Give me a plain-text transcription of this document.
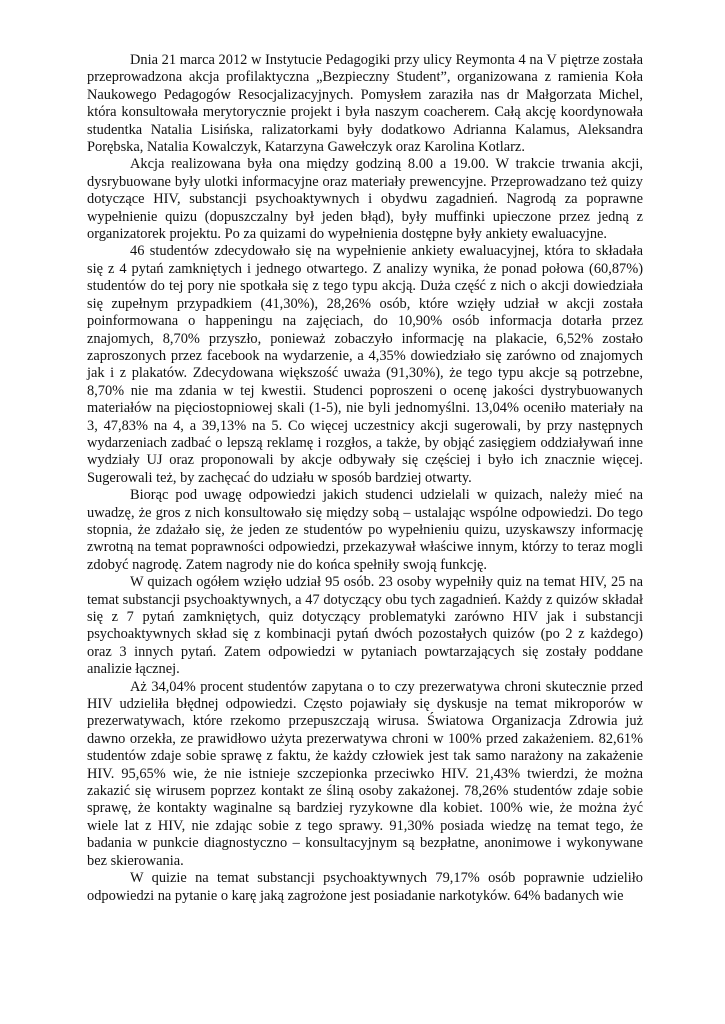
Dnia 21 marca 2012 w Instytucie Pedagogiki przy ulicy Reymonta 4 na V piętrze została przeprowadzona akcja profilaktyczna „Bezpieczny Student”, organizowana z ramienia Koła Naukowego Pedagogów Resocjalizacyjnych. Pomysłem zaraziła nas dr Małgorzata Michel, która konsultowała merytorycznie projekt i była naszym coacherem. Całą akcję koordynowała studentka Natalia Lisińska, ralizatorkami były dodatkowo Adrianna Kalamus, Aleksandra Porębska, Natalia Kowalczyk, Katarzyna Gawełczyk oraz Karolina Kotlarz.

Akcja realizowana była ona między godziną 8.00 a 19.00. W trakcie trwania akcji, dysrybuowane były ulotki informacyjne oraz materiały prewencyjne. Przeprowadzano też quizy dotyczące HIV, substancji psychoaktywnych i obydwu zagadnień. Nagrodą za poprawne wypełnienie quizu (dopuszczalny był jeden błąd), były muffinki upieczone przez jedną z organizatorek projektu. Po za quizami do wypełnienia dostępne były ankiety ewaluacyjne.

46 studentów zdecydowało się na wypełnienie ankiety ewaluacyjnej, która to składała się z 4 pytań zamkniętych i jednego otwartego. Z analizy wynika, że ponad połowa (60,87%) studentów do tej pory nie spotkała się z tego typu akcją. Duża część z nich o akcji dowiedziała się zupełnym przypadkiem (41,30%), 28,26% osób, które wzięły udział w akcji została poinformowana o happeningu na zajęciach, do 10,90% osób informacja dotarła przez znajomych, 8,70% przyszło, ponieważ zobaczyło informację na plakacie, 6,52% zostało zaproszonych przez facebook na wydarzenie, a 4,35% dowiedziało się zarówno od znajomych jak i z plakatów. Zdecydowana większość uważa (91,30%), że tego typu akcje są potrzebne, 8,70% nie ma zdania w tej kwestii. Studenci poproszeni o ocenę jakości dystrybuowanych materiałów na pięciostopniowej skali (1-5), nie byli jednomyślni. 13,04% oceniło materiały na 3, 47,83% na 4, a 39,13% na 5. Co więcej uczestnicy akcji sugerowali, by przy następnych wydarzeniach zadbać o lepszą reklamę i rozgłos, a także, by objąć zasięgiem oddziaływań inne wydziały UJ oraz proponowali by akcje odbywały się częściej i było ich znacznie więcej. Sugerowali też, by zachęcać do udziału w sposób bardziej otwarty.

Biorąc pod uwagę odpowiedzi jakich studenci udzielali w quizach, należy mieć na uwadzę, że gros z nich konsultowało się między sobą – ustalając wspólne odpowiedzi. Do tego stopnia, że zdażało się, że jeden ze studentów po wypełnieniu quizu, uzyskawszy informację zwrotną na temat poprawności odpowiedzi, przekazywał właściwe innym, którzy to teraz mogli zdobyć nagrodę. Zatem nagrody nie do końca spełniły swoją funkcję.

W quizach ogółem wzięło udział 95 osób. 23 osoby wypełniły quiz na temat HIV, 25 na temat substancji psychoaktywnych, a 47 dotyczący obu tych zagadnień. Każdy z quizów składał się z 7 pytań zamkniętych, quiz dotyczący problematyki zarówno HIV jak i substancji psychoaktywnych skład się z kombinacji pytań dwóch pozostałych quizów (po 2 z każdego) oraz 3 innych pytań. Zatem odpowiedzi w pytaniach powtarzających się zostały poddane analizie łącznej.

Aż 34,04% procent studentów zapytana o to czy prezerwatywa chroni skutecznie przed HIV udzieliła błędnej odpowiedzi. Często pojawiały się dyskusje na temat mikroporów w prezerwatywach, które rzekomo przepuszczają wirusa. Światowa Organizacja Zdrowia już dawno orzekła, ze prawidłowo użyta prezerwatywa chroni w 100% przed zakażeniem. 82,61% studentów zdaje sobie sprawę z faktu, że każdy człowiek jest tak samo narażony na zakażenie HIV. 95,65% wie, że nie istnieje szczepionka przeciwko HIV. 21,43% twierdzi, że można zakazić się wirusem poprzez kontakt ze śliną osoby zakażonej. 78,26% studentów zdaje sobie sprawę, że kontakty waginalne są bardziej ryzykowne dla kobiet. 100% wie, że można żyć wiele lat z HIV, nie zdając sobie z tego sprawy. 91,30% posiada wiedzę na temat tego, że badania w punkcie diagnostyczno – konsultacyjnym są bezpłatne, anonimowe i wykonywane bez skierowania.

W quizie na temat substancji psychoaktywnych 79,17% osób poprawnie udzieliło odpowiedzi na pytanie o karę jaką zagrożone jest posiadanie narkotyków. 64% badanych wie
